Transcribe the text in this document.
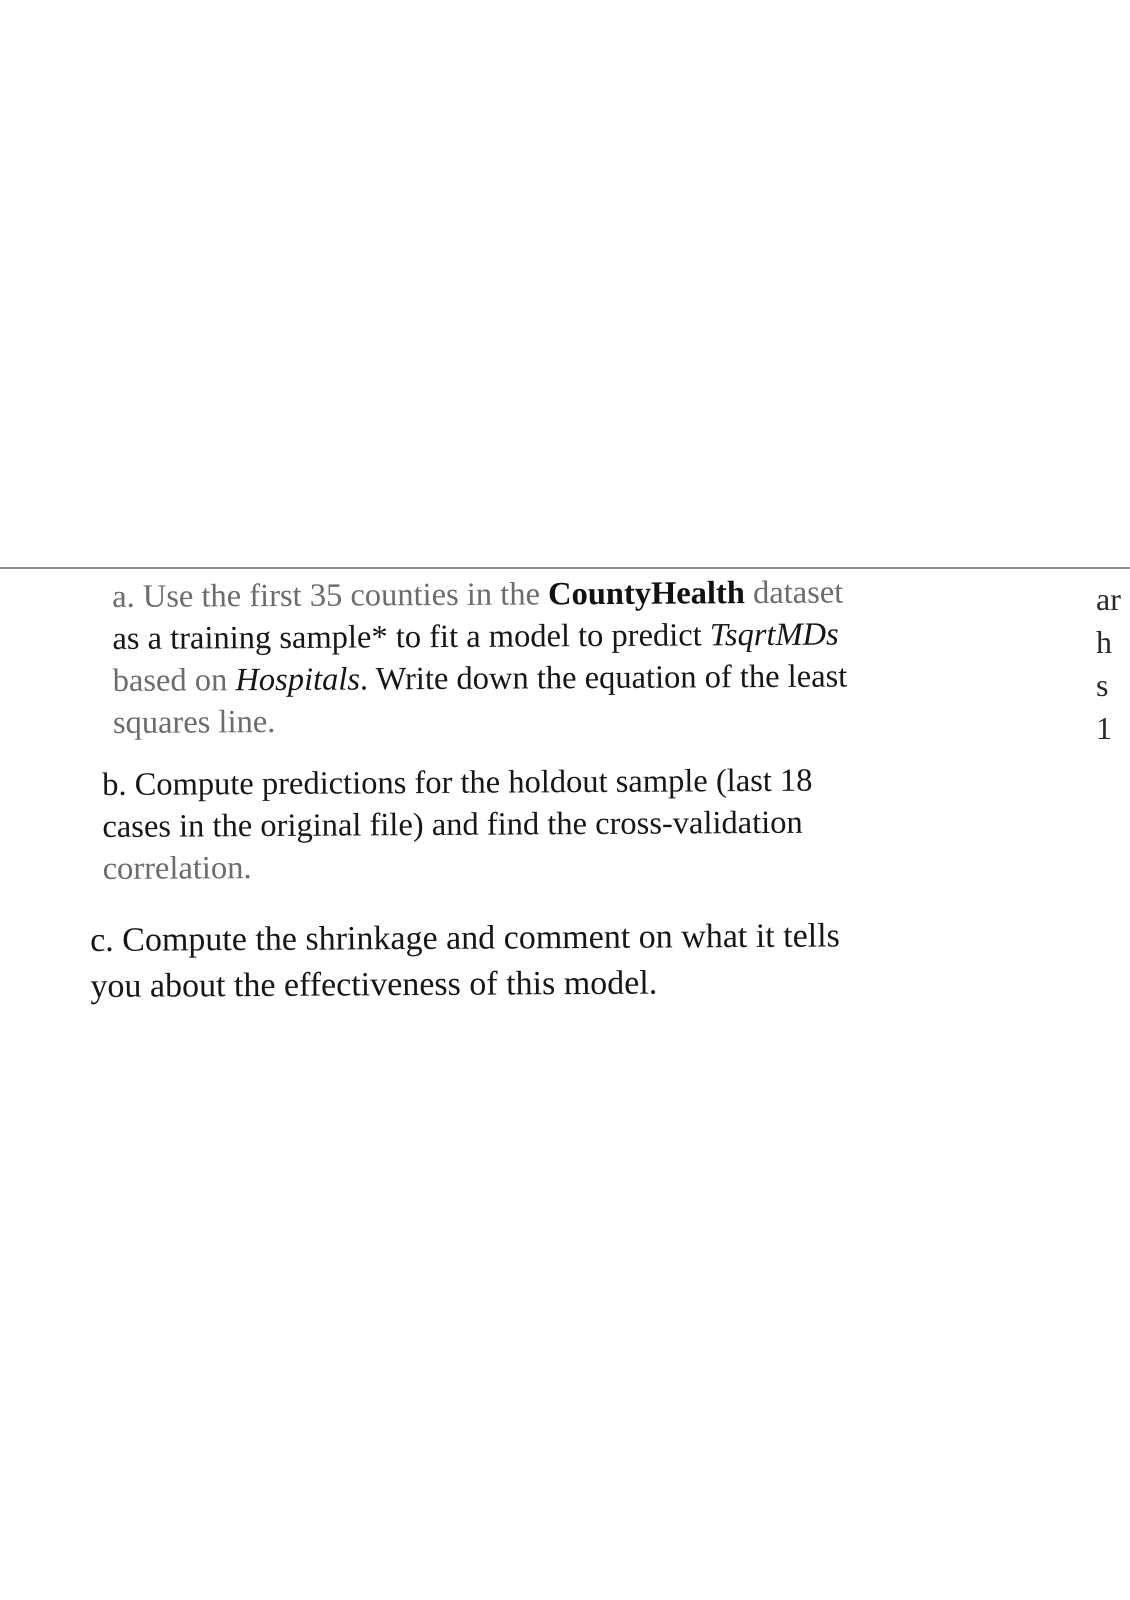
a. Use the first 35 counties in the CountyHealth dataset
as a training sample* to fit a model to predict TsqrtMDs
based on Hospitals. Write down the equation of the least
squares line.
b. Compute predictions for the holdout sample (last 18
cases in the original file) and find the cross-validation
correlation.
c. Compute the shrinkage and comment on what it tells
you about the effectiveness of this model.
ar
h
s
1
